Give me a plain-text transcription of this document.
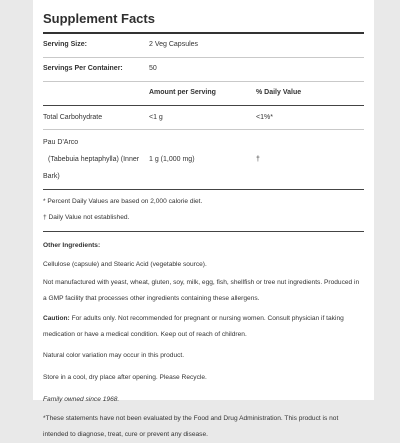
Supplement Facts
Serving Size:	2 Veg Capsules
Servings Per Container:	50
Amount per Serving	% Daily Value
Total Carbohydrate	<1 g	<1%*
Pau D'Arco
(Tabebuia heptaphylla) (Inner
Bark)
1 g (1,000 mg)	†
* Percent Daily Values are based on 2,000 calorie diet.
† Daily Value not established.
Other Ingredients:
Cellulose (capsule) and Stearic Acid (vegetable source).
Not manufactured with yeast, wheat, gluten, soy, milk, egg, fish, shellfish or tree nut ingredients. Produced in a GMP facility that processes other ingredients containing these allergens.
Caution: For adults only. Not recommended for pregnant or nursing women. Consult physician if taking medication or have a medical condition. Keep out of reach of children.
Natural color variation may occur in this product.
Store in a cool, dry place after opening. Please Recycle.
Family owned since 1968.
*These statements have not been evaluated by the Food and Drug Administration. This product is not intended to diagnose, treat, cure or prevent any disease.
